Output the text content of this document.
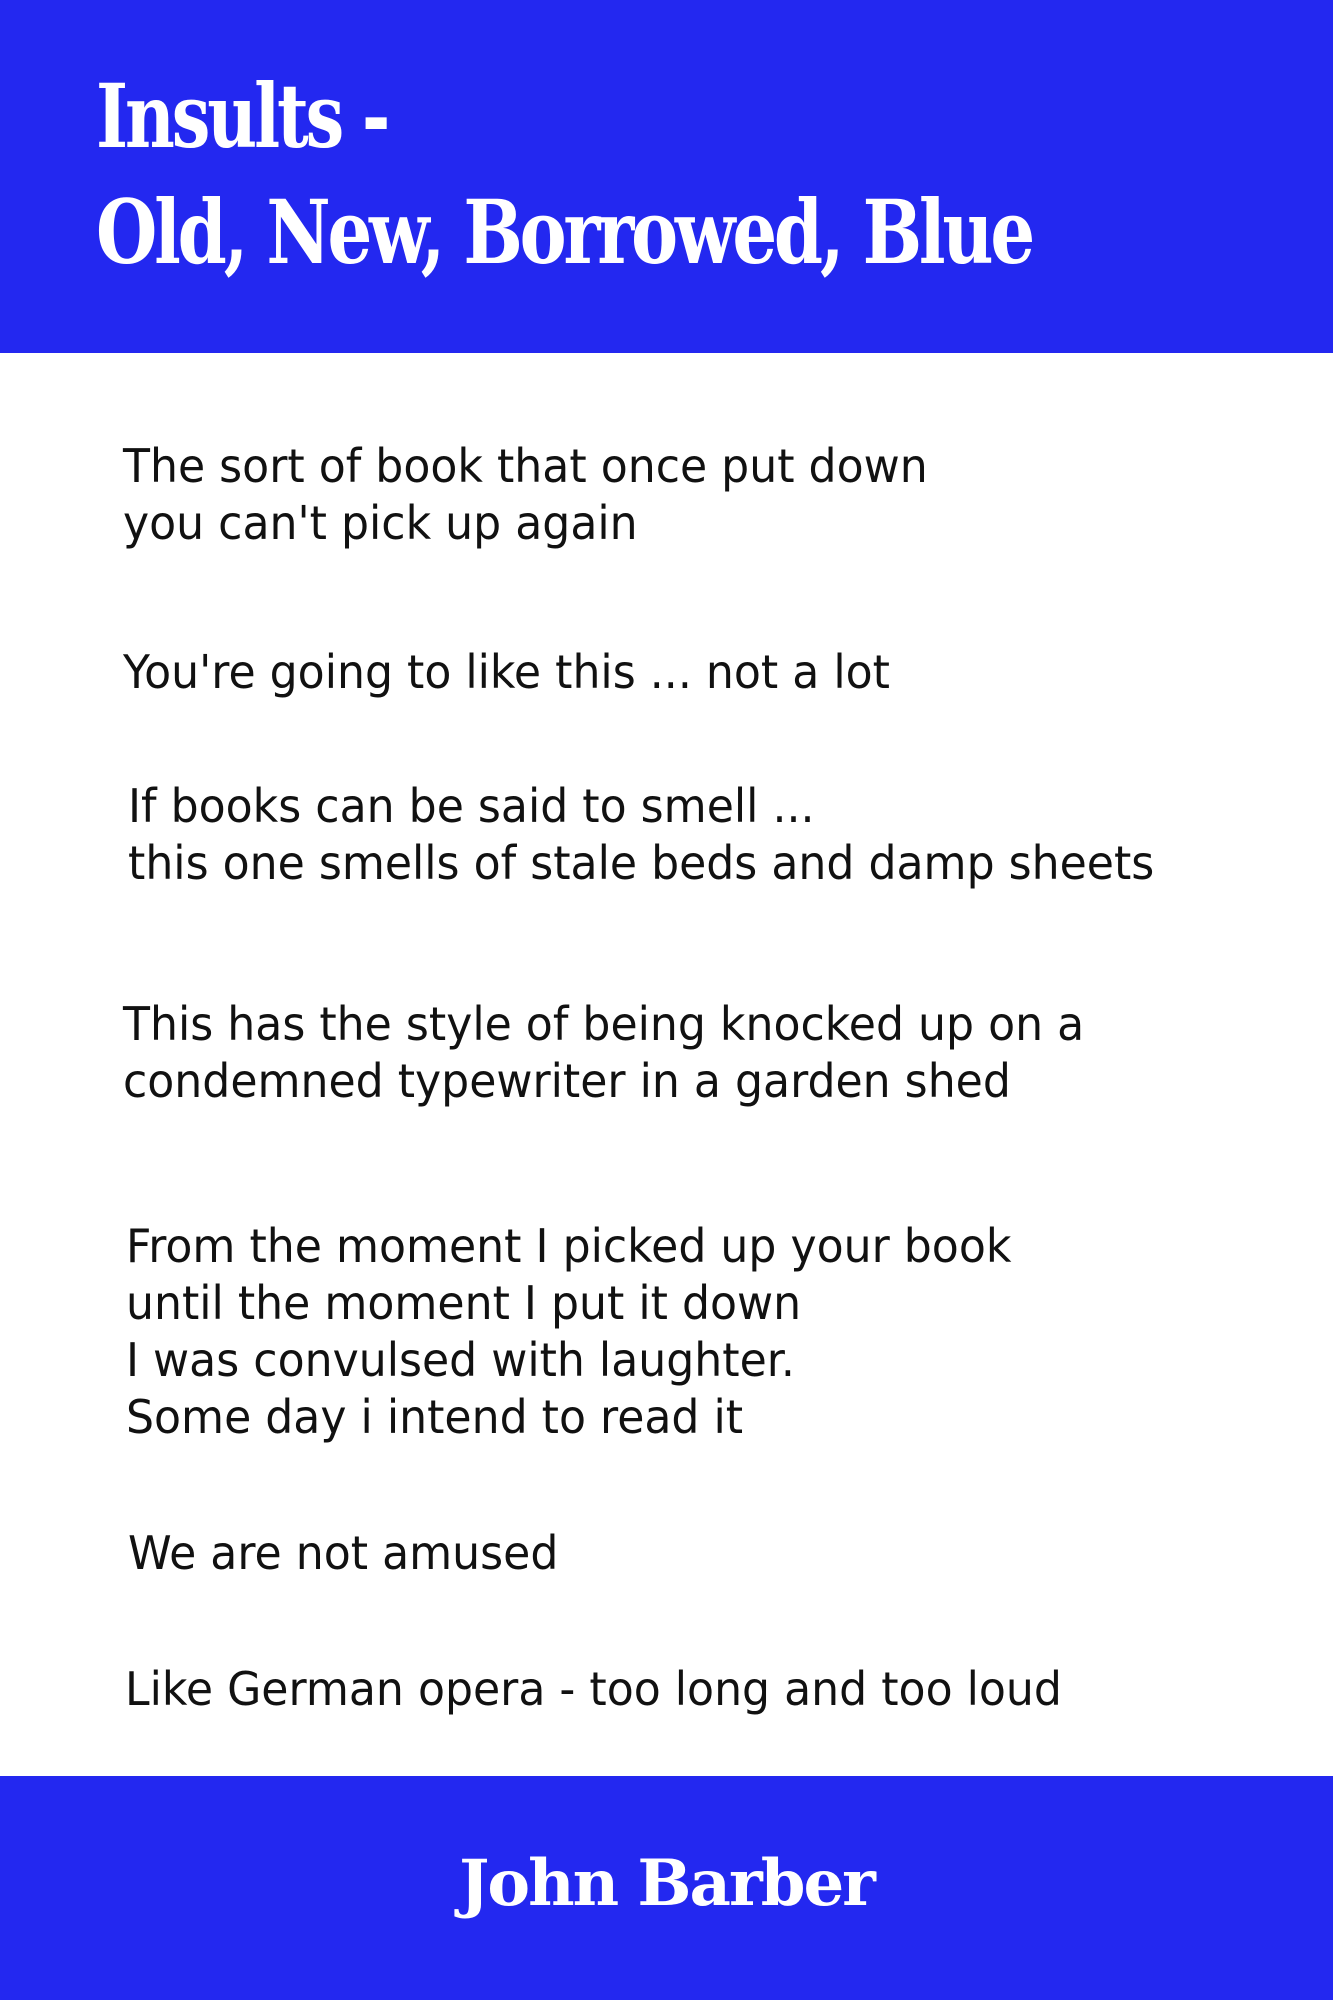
Insults -
Old, New, Borrowed, Blue
The sort of book that once put down
you can't pick up again
You're going to like this ... not a lot
If books can be said to smell ...
this one smells of stale beds and damp sheets
This has the style of being knocked up on a
condemned typewriter in a garden shed
From the moment I picked up your book
until the moment I put it down
I was convulsed with laughter.
Some day i intend to read it
We are not amused
Like German opera - too long and too loud
John Barber
